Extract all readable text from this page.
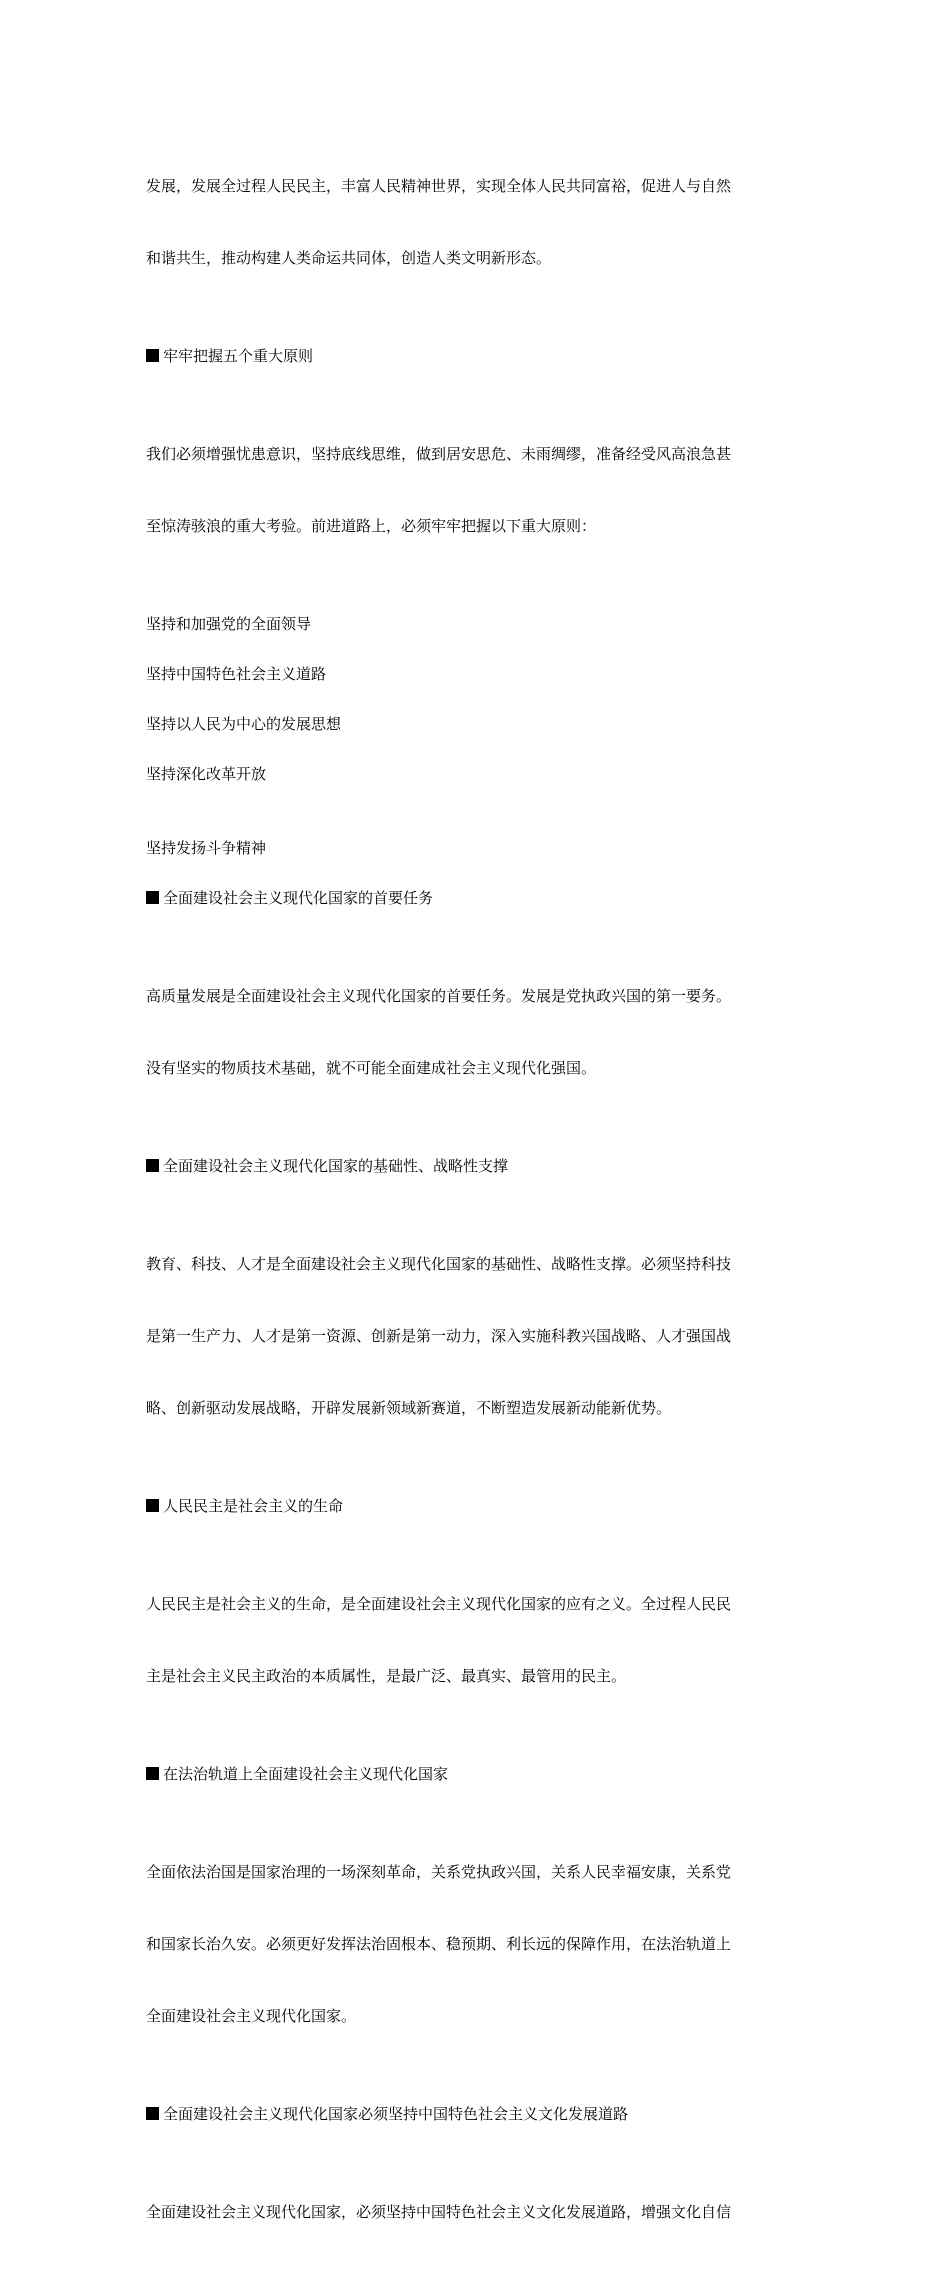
发展，发展全过程人民民主，丰富人民精神世界，实现全体人民共同富裕，促进人与自然

和谐共生，推动构建人类命运共同体，创造人类文明新形态。

牢牢把握五个重大原则

我们必须增强忧患意识，坚持底线思维，做到居安思危、未雨绸缪，准备经受风高浪急甚

至惊涛骇浪的重大考验。前进道路上，必须牢牢把握以下重大原则：

坚持和加强党的全面领导

坚持中国特色社会主义道路

坚持以人民为中心的发展思想

坚持深化改革开放

坚持发扬斗争精神

全面建设社会主义现代化国家的首要任务

高质量发展是全面建设社会主义现代化国家的首要任务。发展是党执政兴国的第一要务。

没有坚实的物质技术基础，就不可能全面建成社会主义现代化强国。

全面建设社会主义现代化国家的基础性、战略性支撑

教育、科技、人才是全面建设社会主义现代化国家的基础性、战略性支撑。必须坚持科技

是第一生产力、人才是第一资源、创新是第一动力，深入实施科教兴国战略、人才强国战

略、创新驱动发展战略，开辟发展新领域新赛道，不断塑造发展新动能新优势。

人民民主是社会主义的生命

人民民主是社会主义的生命，是全面建设社会主义现代化国家的应有之义。全过程人民民

主是社会主义民主政治的本质属性，是最广泛、最真实、最管用的民主。

在法治轨道上全面建设社会主义现代化国家

全面依法治国是国家治理的一场深刻革命，关系党执政兴国，关系人民幸福安康，关系党

和国家长治久安。必须更好发挥法治固根本、稳预期、利长远的保障作用，在法治轨道上

全面建设社会主义现代化国家。

全面建设社会主义现代化国家必须坚持中国特色社会主义文化发展道路

全面建设社会主义现代化国家，必须坚持中国特色社会主义文化发展道路，增强文化自信
